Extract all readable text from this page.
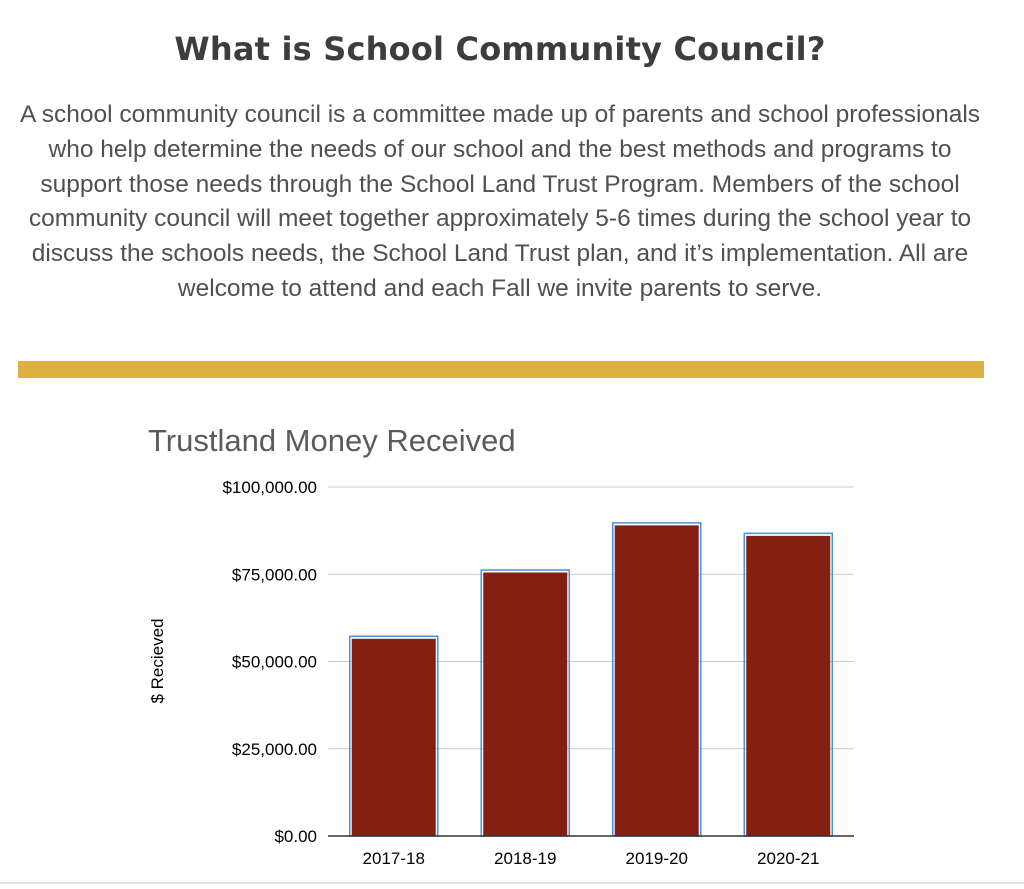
What is School Community Council?

A school community council is a committee made up of parents and school professionals who help determine the needs of our school and the best methods and programs to support those needs through the School Land Trust Program. Members of the school community council will meet together approximately 5-6 times during the school year to discuss the schools needs, the School Land Trust plan, and it’s implementation. All are welcome to attend and each Fall we invite parents to serve.

Trustland Money Received
$0.00
$25,000.00
$50,000.00
$75,000.00
$100,000.00
2017-18	2018-19	2019-20	2020-21
$ Recieved
